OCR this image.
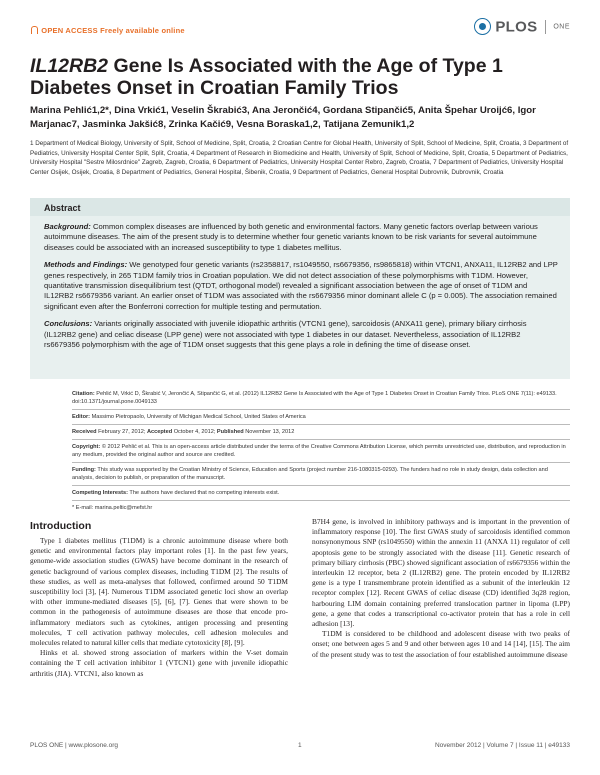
OPEN ACCESS Freely available online	PLOS ONE
IL12RB2 Gene Is Associated with the Age of Type 1 Diabetes Onset in Croatian Family Trios
Marina Pehlić1,2*, Dina Vrkić1, Veselin Škrabić3, Ana Jerončić4, Gordana Stipančić5, Anita Špehar Uroijć6, Igor Marjanac7, Jasminka Jakšić8, Zrinka Kačić9, Vesna Boraska1,2, Tatijana Zemunik1,2
1 Department of Medical Biology, University of Split, School of Medicine, Split, Croatia, 2 Croatian Centre for Global Health, University of Split, School of Medicine, Split, Croatia, 3 Department of Pediatrics, University Hospital Center Split, Split, Croatia, 4 Department of Research in Biomedicine and Health, University of Split, School of Medicine, Split, Croatia, 5 Department of Pediatrics, University Hospital "Sestre Milosrdnice" Zagreb, Zagreb, Croatia, 6 Department of Pediatrics, University Hospital Center Rebro, Zagreb, Croatia, 7 Department of Pediatrics, University Hospital Center Osijek, Osijek, Croatia, 8 Department of Pediatrics, General Hospital, Šibenik, Croatia, 9 Department of Pediatrics, General Hospital Dubrovnik, Dubrovnik, Croatia
Abstract

Background: Common complex diseases are influenced by both genetic and environmental factors. Many genetic factors overlap between various autoimmune diseases. The aim of the present study is to determine whether four genetic variants known to be risk variants for several autoimmune diseases could be associated with an increased susceptibility to type 1 diabetes mellitus.

Methods and Findings: We genotyped four genetic variants (rs2358817, rs1049550, rs6679356, rs9865818) within VTCN1, ANXA11, IL12RB2 and LPP genes respectively, in 265 T1DM family trios in Croatian population. We did not detect association of these polymorphisms with T1DM. However, quantitative transmission disequilibrium test (QTDT, orthogonal model) revealed a significant association between the age of onset of T1DM and IL12RB2 rs6679356 variant. An earlier onset of T1DM was associated with the rs6679356 minor dominant allele C (p = 0.005). The association remained significant even after the Bonferroni correction for multiple testing and permutation.

Conclusions: Variants originally associated with juvenile idiopathic arthritis (VTCN1 gene), sarcoidosis (ANXA11 gene), primary biliary cirrhosis (IL12RB2 gene) and celiac disease (LPP gene) were not associated with type 1 diabetes in our dataset. Nevertheless, association of IL12RB2 rs6679356 polymorphism with the age of T1DM onset suggests that this gene plays a role in defining the time of disease onset.

Citation: Pehlić M, Vrkić D, Škrabić V, Jerončić A, Stipančić G, et al. (2012) IL12RB2 Gene Is Associated with the Age of Type 1 Diabetes Onset in Croatian Family Trios. PLoS ONE 7(11): e49133. doi:10.1371/journal.pone.0049133

Editor: Massimo Pietropaolo, University of Michigan Medical School, United States of America

Received February 27, 2012; Accepted October 4, 2012; Published November 13, 2012

Copyright: © 2012 Pehlić et al. This is an open-access article distributed under the terms of the Creative Commons Attribution License, which permits unrestricted use, distribution, and reproduction in any medium, provided the original author and source are credited.

Funding: This study was supported by the Croatian Ministry of Science, Education and Sports (project number 216-1080315-0293). The funders had no role in study design, data collection and analysis, decision to publish, or preparation of the manuscript.

Competing Interests: The authors have declared that no competing interests exist.

* E-mail: marina.peltic@mefst.hr

Introduction

Type 1 diabetes mellitus (T1DM) is a chronic autoimmune disease where both genetic and environmental factors play important roles [1]. In the past few years, genome-wide association studies (GWAS) have become dominant in the research of genetic background of various complex diseases, including T1DM [2]. The results of these studies, as well as meta-analyses that followed, confirmed around 50 T1DM susceptibility loci [3], [4]. Numerous T1DM associated genetic loci show an overlap with other immune-mediated diseases [5], [6], [7]. Genes that were shown to be common in the pathogenesis of autoimmune diseases are those that encode pro-inflammatory mediators such as cytokines, antigen processing and presenting molecules, T cell activation pathway molecules, cell adhesion molecules and molecules related to natural killer cells that mediate cytotoxicity [8], [9].

Hinks et al. showed strong association of markers within the V-set domain containing the T cell activation inhibitor 1 (VTCN1) gene with juvenile idiopathic arthritis (JIA). VTCN1, also known as

B7H4 gene, is involved in inhibitory pathways and is important in the prevention of inflammatory response [10]. The first GWAS study of sarcoidosis identified common nonsynonymous SNP (rs1049550) within the annexin 11 (ANXA 11) regulator of cell apoptosis gene to be strongly associated with the disease [11]. Genetic research of primary biliary cirrhosis (PBC) showed significant association of rs6679356 within the interleukin 12 receptor, beta 2 (IL12RB2) gene. The protein encoded by IL12RB2 gene is a type I transmembrane protein identified as a subunit of the interleukin 12 receptor complex [12]. Recent GWAS of celiac disease (CD) identified 3q28 region, harbouring LIM domain containing preferred translocation partner in lipoma (LPP) gene, a gene that codes a transcriptional co-activator protein that has a role in cell adhesion [13].

T1DM is considered to be childhood and adolescent disease with two peaks of onset; one between ages 5 and 9 and other between ages 10 and 14 [14], [15]. The aim of the present study was to test the association of four established autoimmune disease

PLOS ONE | www.plosone.org	1	November 2012 | Volume 7 | Issue 11 | e49133
